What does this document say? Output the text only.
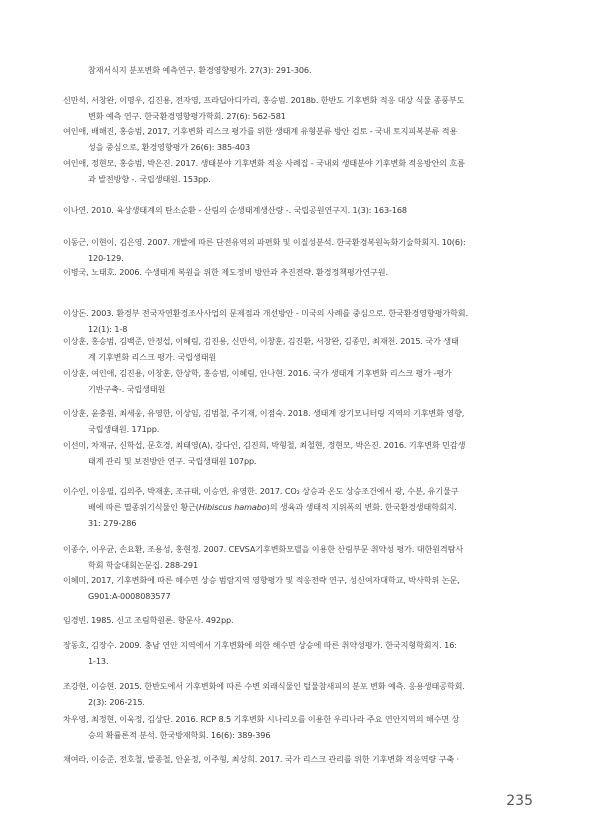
참재서식지 분포변화 예측연구. 환경영향평가. 27(3): 291-306.
신만석, 서창완, 이명우, 김진용, 전자영, 프라딥아디카리, 홍승범. 2018b. 한반도 기후변화 적응 대상 식물 종풍부도
변화 예측 연구. 한국환경영향평가학회. 27(6): 562-581
여인애, 배해진, 홍승범, 2017, 기후변화 리스크 평가를 위한 생태계 유형분류 방안 검토 - 국내 토지피복분류 적용
성을 중심으로, 환경영향평가 26(6): 385-403
여인애, 정현모, 홍승범, 박은진. 2017. 생태분야 기후변화 적응 사례집 - 국내외 생태분야 기후변화 적응방안의 흐름
과 발전방향 -. 국립생태원. 153pp.
이나연. 2010. 육상생태계의 탄소순환 - 산림의 순생태계생산량 -. 국립공원연구지. 1(3): 163-168
이동근, 이현이, 김은영. 2007. 개발에 따른 단전유역의 파편화 및 이질성분석. 한국환경복원녹화기술학회지. 10(6):
120-129.
이병국, 노태호. 2006. 수생태계 복원을 위한 제도정비 방안과 추진전략. 환경정책평가연구원.
이상돈. 2003. 환경부 전국자연환경조사사업의 문제점과 개선방안 - 미국의 사례를 중심으로. 한국환경영향평가학회.
12(1): 1-8
이상훈, 홍승범, 김백준, 안정섭, 이혜림, 김진용, 신만석, 이창훈, 김진환, 서창완, 김종민, 최재천. 2015. 국가 생태
계 기후변화 리스크 평가. 국립생태원
이상훈, 여인애, 김진용, 이창훈, 한상학, 홍승범, 이혜림, 안나현. 2016. 국가 생태계 기후변화 리스크 평가 -평가
기반구축-. 국립생태원
이상훈, 윤충원, 최세웅, 유영한, 이상임, 김범철, 주기재, 이점숙. 2018. 생태계 장기모니터링 지역의 기후변화 영향,
국립생태원. 171pp.
이선미, 차재규, 신학섭, 문호경, 최태영(A), 강다인, 김진희, 박형철, 최철현, 정현모, 박은진. 2016. 기후변화 민감생
태계 관리 및 보전방안 연구. 국립생태원 107pp.
이수인, 이응필, 김의주, 박재훈, 조규태, 이승연, 유영한. 2017. CO₂ 상승과 온도 상승조건에서 광, 수분, 유기물구
배에 따른 멸종위기식물인 황근(Hibiscus hamabo)의 생육과 생태적 지위폭의 변화. 한국환경생태학회지.
31: 279-286
이종수, 이우균, 손요환, 조용성, 홍현정. 2007. CEVSA기후변화모델을 이용한 산림부문 취약성 평가. 대한원격탐사
학회 학술대회논문집. 288-291
이혜미, 2017, 기후변화에 따른 해수면 상승 범람지역 영향평가 및 적응전략 연구, 성신여자대학교, 박사학위 논문,
G901:A-0008083577
임경빈. 1985. 신고 조림학원론. 향문사. 492pp.
장동호, 김장수. 2009. 충남 연안 지역에서 기후변화에 의한 해수면 상승에 따른 취약성평가. 한국지형학회지. 16:
1-13.
조강현, 이승현. 2015. 한반도에서 기후변화에 따른 수변 외래식물인 털물참새피의 분포 변화 예측. 응용생태공학회.
2(3): 206-215.
차우영, 최정현, 이욱정, 김상단. 2016. RCP 8.5 기후변화 시나리오를 이용한 우리나라 주요 연안지역의 해수면 상
승의 확률론적 분석. 한국방재학회. 16(6): 389-396
채여라, 이승준, 전호철, 발종철, 안윤정, 이주형, 최상희. 2017. 국가 리스크 관리를 위한 기후변화 적응역량 구축 ·
235
